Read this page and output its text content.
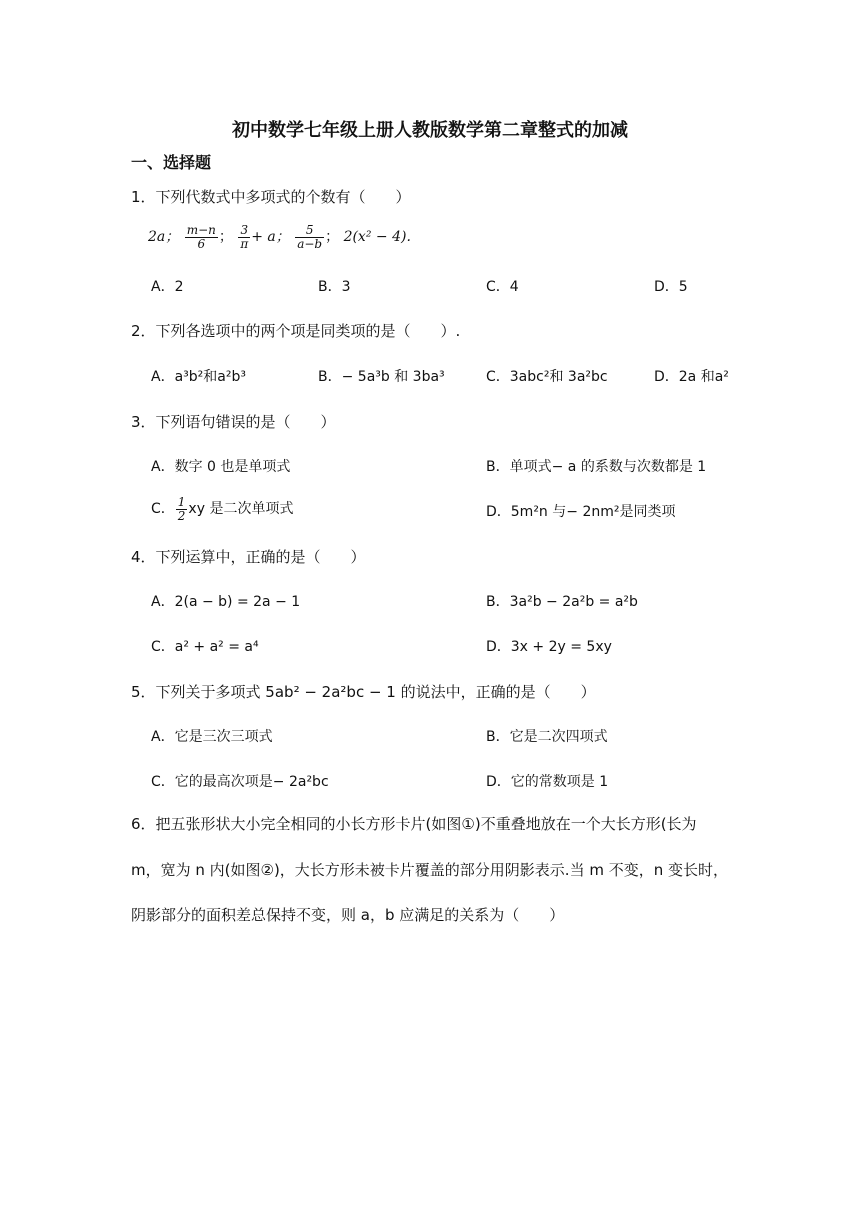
初中数学七年级上册人教版数学第二章整式的加减
一、选择题
1．下列代数式中多项式的个数有（　　）
2a； $\frac{m-n}{6}$ ； $\frac{3}{\pi} + a$； $\frac{5}{a-b}$ ； 2(x² − 4).
A．2	B．3	C．4	D．5
2．下列各选项中的两个项是同类项的是（　　）.
A．a³b²和a²b³	B．− 5a³b 和 3ba³	C．3abc²和 3a²bc	D．2a 和a²
3．下列语句错误的是（　　）
A．数字 0 也是单项式	B．单项式− a 的系数与次数都是 1
C． $\frac{1}{2}$ xy 是二次单项式	D．5m²n 与− 2nm²是同类项
4．下列运算中，正确的是（　　）
A．2(a − b) = 2a − 1	B．3a²b − 2a²b = a²b
C．a² + a² = a⁴	D．3x + 2y = 5xy
5．下列关于多项式 5ab² − 2a²bc − 1 的说法中，正确的是（　　）
A．它是三次三项式	B．它是二次四项式
C．它的最高次项是− 2a²bc	D．它的常数项是 1
6．把五张形状大小完全相同的小长方形卡片(如图①)不重叠地放在一个大长方形(长为
m，宽为 n 内(如图②)，大长方形未被卡片覆盖的部分用阴影表示.当 m 不变，n 变长时，
阴影部分的面积差总保持不变，则 a，b 应满足的关系为（　　）
